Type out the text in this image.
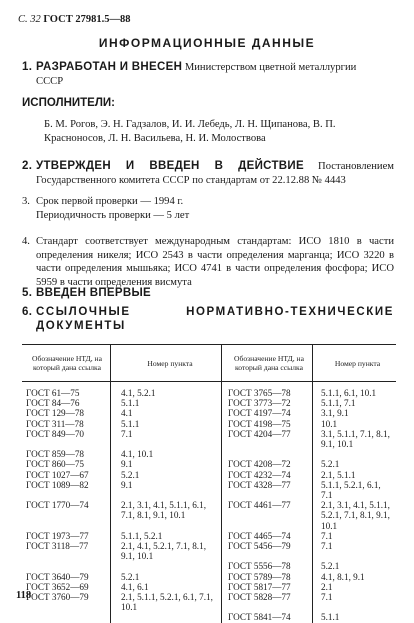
С. 32 ГОСТ 27981.5—88
ИНФОРМАЦИОННЫЕ ДАННЫЕ
1. РАЗРАБОТАН И ВНЕСЕН Министерством цветной металлургии
СССР
ИСПОЛНИТЕЛИ:
Б. М. Рогов, Э. Н. Гадзалов, И. И. Лебедь, Л. Н. Щипанова, В. П. Красноносов, Л. Н. Васильева, Н. И. Молоствова
2. УТВЕРЖДЕН И ВВЕДЕН В ДЕЙСТВИЕ Постановлением Государственного комитета СССР по стандартам от 22.12.88 № 4443
3. Срок первой проверки — 1994 г.
Периодичность проверки — 5 лет
4. Стандарт соответствует международным стандартам: ИСО 1810 в части определения никеля; ИСО 2543 в части определения марганца; ИСО 3220 в части определения мышьяка; ИСО 4741 в части определения фосфора; ИСО 5959 в части определения висмута
5. ВВЕДЕН ВПЕРВЫЕ
6. ССЫЛОЧНЫЕ НОРМАТИВНО-ТЕХНИЧЕСКИЕ ДОКУМЕНТЫ
Обозначение НТД, на который дана ссылка	Номер пункта	Обозначение НТД, на который дана ссылка	Номер пункта
ГОСТ 61—75	4.1, 5.2.1	ГОСТ 3765—78	5.1.1, 6.1, 10.1
ГОСТ 84—76	5.1.1	ГОСТ 3773—72	5.1.1, 7.1
ГОСТ 129—78	4.1	ГОСТ 4197—74	3.1, 9.1
ГОСТ 311—78	5.1.1	ГОСТ 4198—75	10.1
ГОСТ 849—70	7.1	ГОСТ 4204—77	3.1, 5.1.1, 7.1, 8.1, 9.1, 10.1
ГОСТ 859—78	4.1, 10.1		
ГОСТ 860—75	9.1	ГОСТ 4208—72	5.2.1
ГОСТ 1027—67	5.2.1	ГОСТ 4232—74	2.1, 5.1.1
ГОСТ 1089—82	9.1	ГОСТ 4328—77	5.1.1, 5.2.1, 6.1, 7.1
ГОСТ 1770—74	2.1, 3.1, 4.1, 5.1.1, 6.1, 7.1, 8.1, 9.1, 10.1	ГОСТ 4461—77	2.1, 3.1, 4.1, 5.1.1, 5.2.1, 7.1, 8.1, 9.1, 10.1
ГОСТ 1973—77	5.1.1, 5.2.1	ГОСТ 4465—74	7.1
ГОСТ 3118—77	2.1, 4.1, 5.2.1, 7.1, 8.1, 9.1, 10.1	ГОСТ 5456—79	7.1
		ГОСТ 5556—78	5.2.1
ГОСТ 3640—79	5.2.1	ГОСТ 5789—78	4.1, 8.1, 9.1
ГОСТ 3652—69	4.1, 6.1	ГОСТ 5817—77	2.1
ГОСТ 3760—79	2.1, 5.1.1, 5.2.1, 6.1, 7.1, 10.1	ГОСТ 5828—77	7.1
		ГОСТ 5841—74	5.1.1
118
